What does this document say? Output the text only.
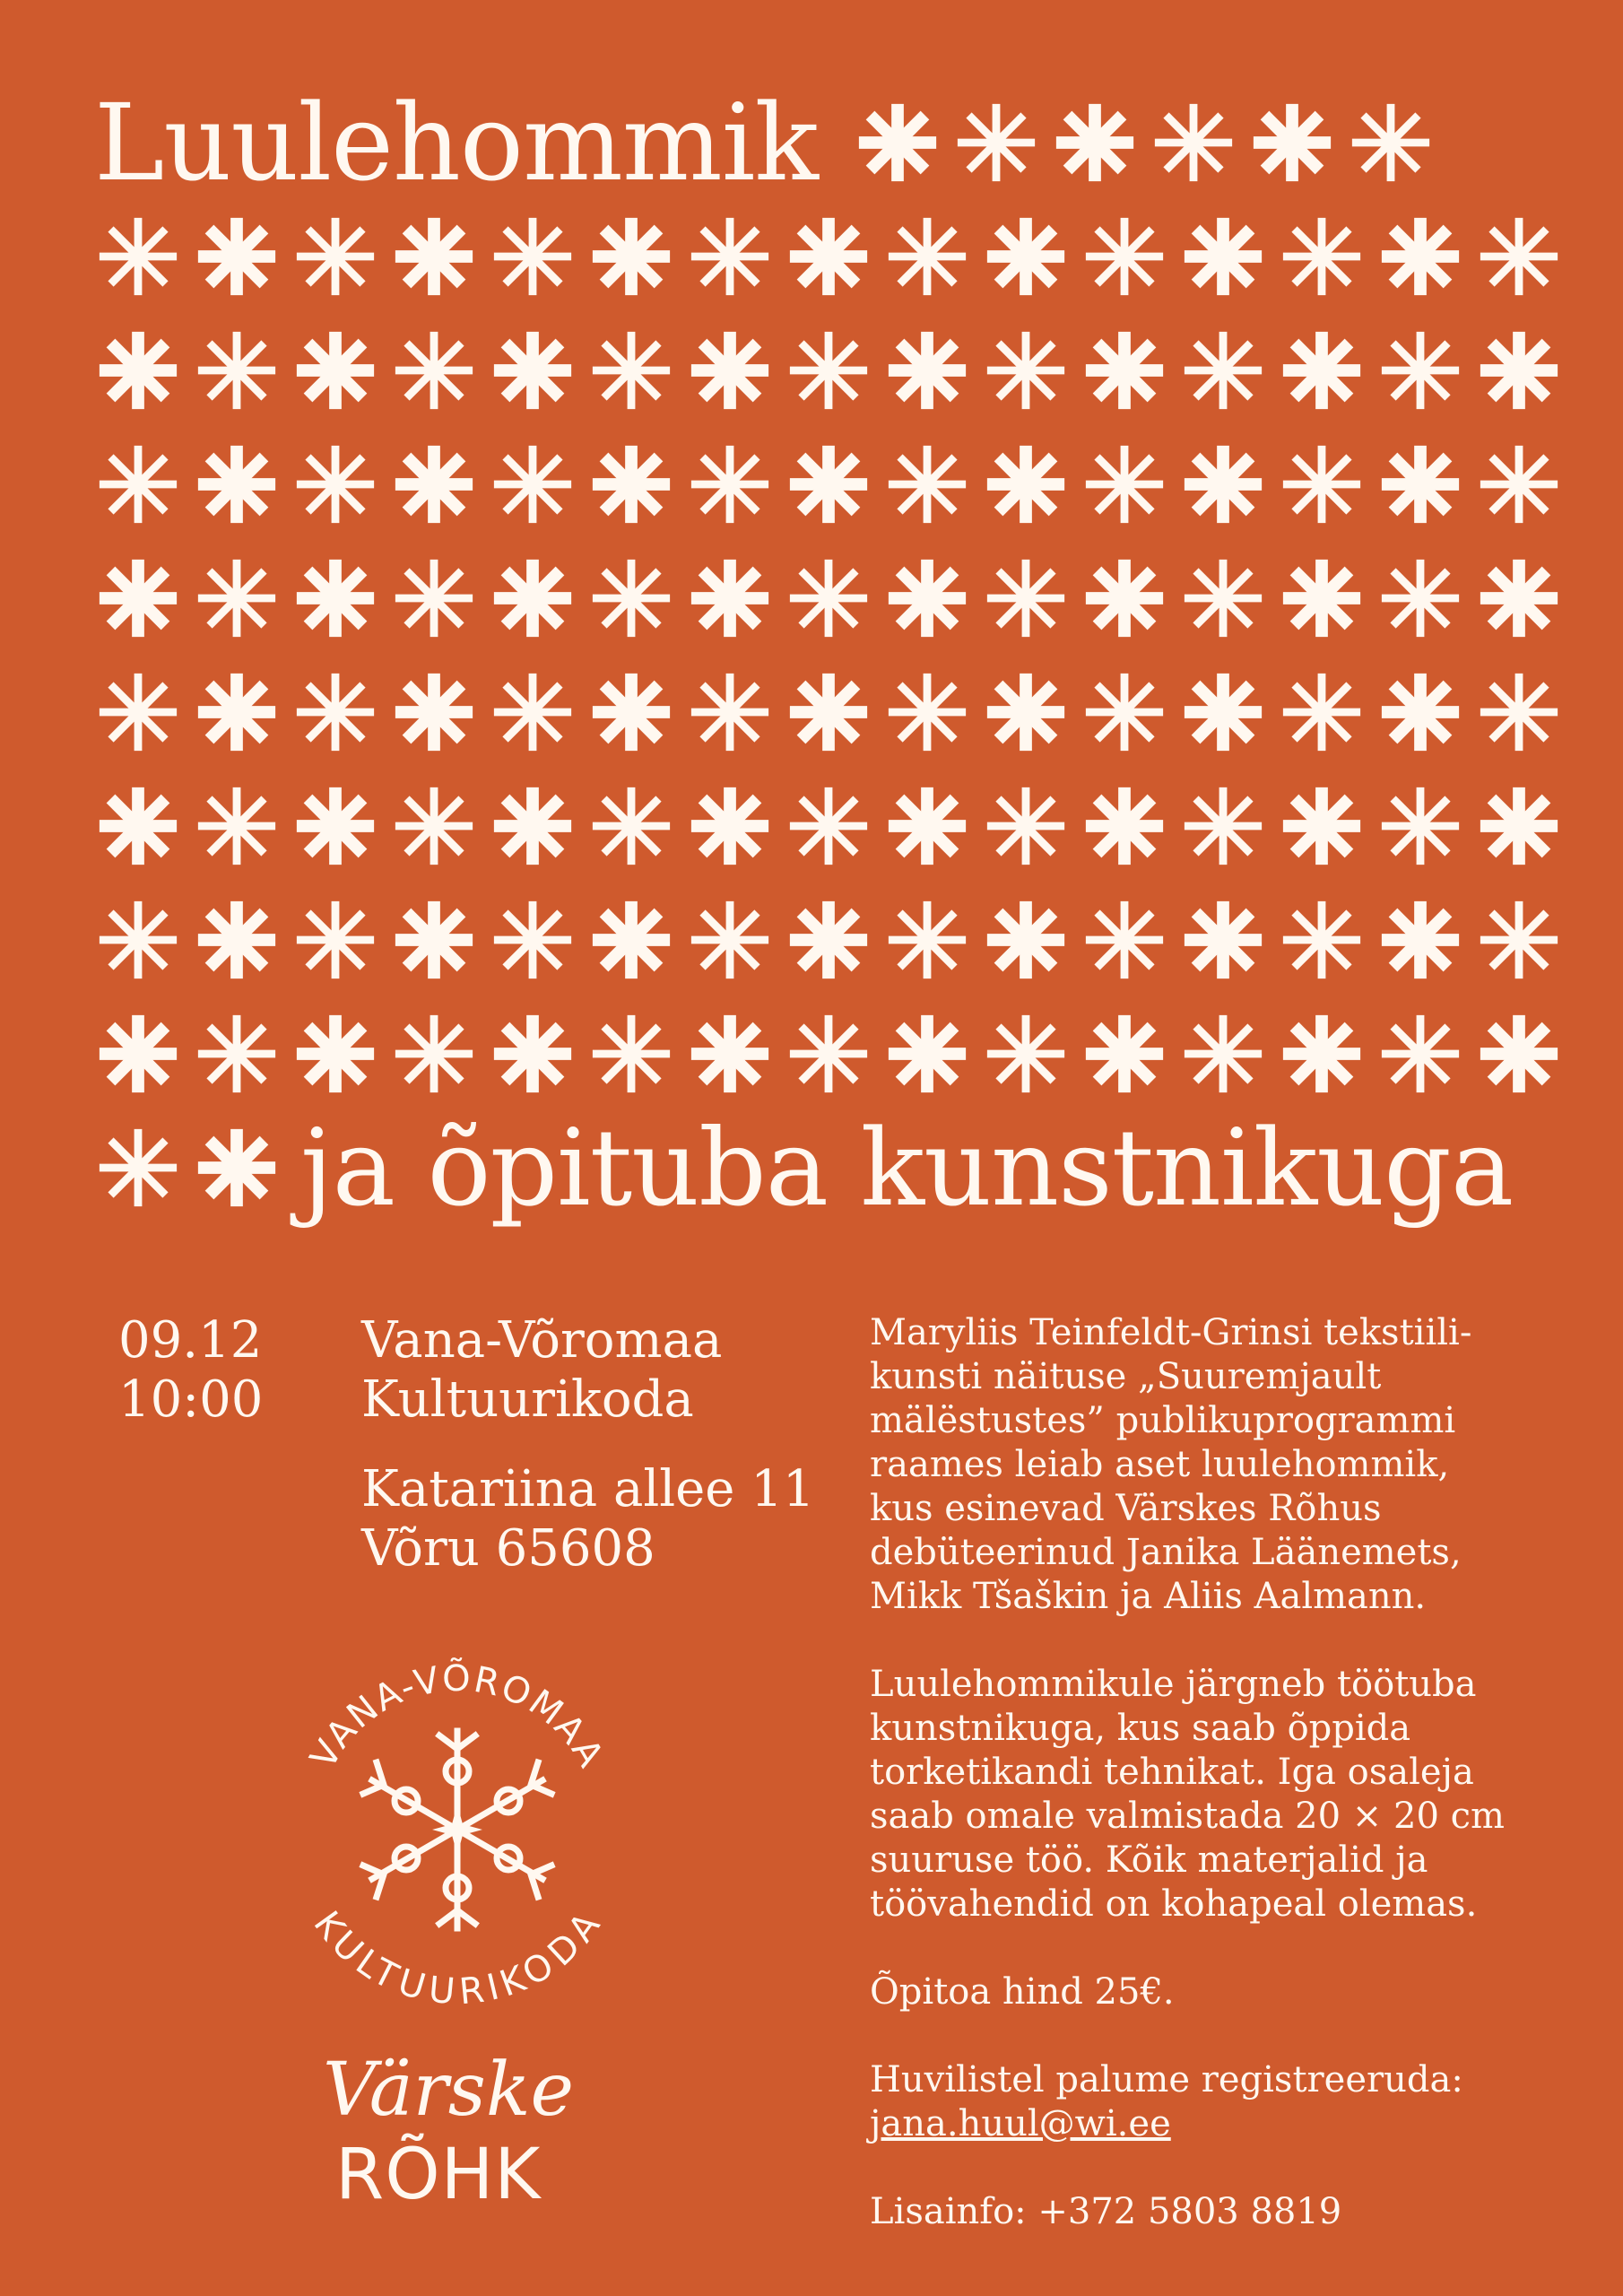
Luulehommik
ja õpituba kunstnikuga
09.12
10:00
Vana-Võromaa
Kultuurikoda
Katariina allee 11
Võru 65608

Maryliis Teinfeldt-Grinsi tekstiili-
kunsti näituse „Suuremjault
mälëstustes” publikuprogrammi
raames leiab aset luulehommik,
kus esinevad Värskes Rõhus
debüteerinud Janika Läänemets,
Mikk Tšaškin ja Aliis Aalmann.

Luulehommikule järgneb töötuba
kunstnikuga, kus saab õppida
torketikandi tehnikat. Iga osaleja
saab omale valmistada 20 × 20 cm
suuruse töö. Kõik materjalid ja
töövahendid on kohapeal olemas.

Õpitoa hind 25€.

Huvilistel palume registreeruda:
jana.huul@wi.ee

Lisainfo: +372 5803 8819

VANA-VÕROMAA
KULTUURIKODA
Värske
RÕHK
